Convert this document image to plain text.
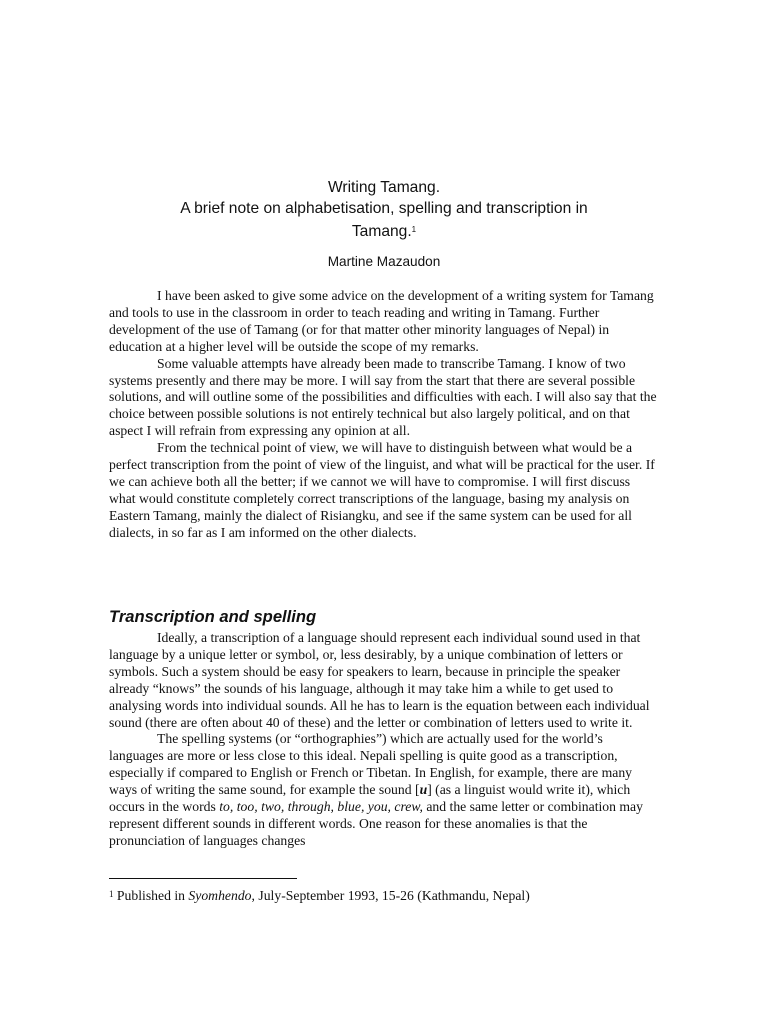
Writing Tamang.
A brief note on alphabetisation, spelling and transcription in
Tamang.$^1$
Martine Mazaudon

I have been asked to give some advice on the development of a writing system for Tamang and tools to use in the classroom in order to teach reading and writing in Tamang. Further development of the use of Tamang (or for that matter other minority languages of Nepal) in education at a higher level will be outside the scope of my remarks.

Some valuable attempts have already been made to transcribe Tamang. I know of two systems presently and there may be more. I will say from the start that there are several possible solutions, and will outline some of the possibilities and difficulties with each. I will also say that the choice between possible solutions is not entirely technical but also largely political, and on that aspect I will refrain from expressing any opinion at all.

From the technical point of view, we will have to distinguish between what would be a perfect transcription from the point of view of the linguist, and what will be practical for the user. If we can achieve both all the better; if we cannot we will have to compromise. I will first discuss what would constitute completely correct transcriptions of the language, basing my analysis on Eastern Tamang, mainly the dialect of Risiangku, and see if the same system can be used for all dialects, in so far as I am informed on the other dialects.

Transcription and spelling

Ideally, a transcription of a language should represent each individual sound used in that language by a unique letter or symbol, or, less desirably, by a unique combination of letters or symbols. Such a system should be easy for speakers to learn, because in principle the speaker already “knows” the sounds of his language, although it may take him a while to get used to analysing words into individual sounds. All he has to learn is the equation between each individual sound (there are often about 40 of these) and the letter or combination of letters used to write it.

The spelling systems (or “orthographies”) which are actually used for the world’s languages are more or less close to this ideal. Nepali spelling is quite good as a transcription, especially if compared to English or French or Tibetan. In English, for example, there are many ways of writing the same sound, for example the sound [u] (as a linguist would write it), which occurs in the words to, too, two, through, blue, you, crew, and the same letter or combination may represent different sounds in different words. One reason for these anomalies is that the pronunciation of languages changes

$^1$ Published in Syomhendo, July-September 1993, 15-26 (Kathmandu, Nepal)
